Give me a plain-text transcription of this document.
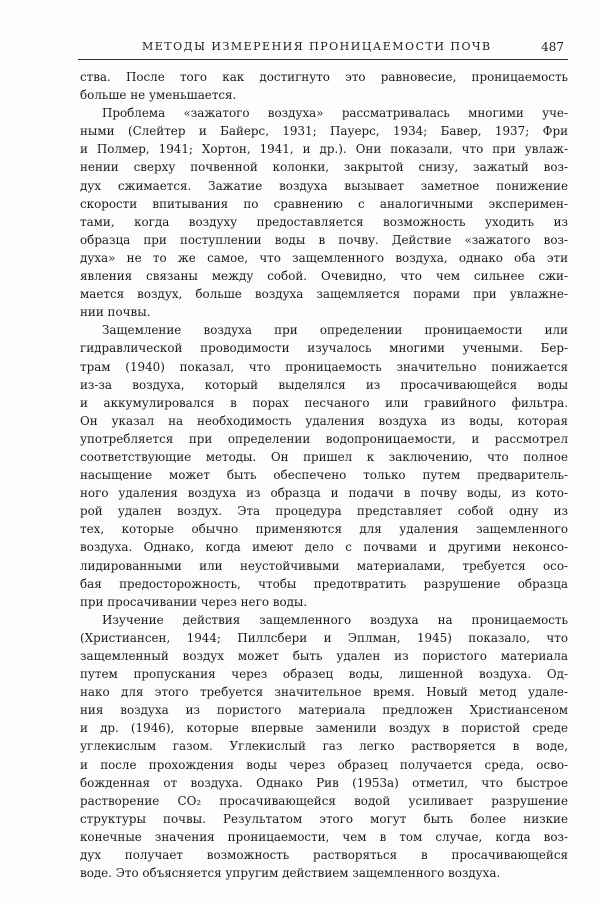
МЕТОДЫ ИЗМЕРЕНИЯ ПРОНИЦАЕМОСТИ ПОЧВ	487
ства. После того как достигнуто это равновесие, проницаемость
больше не уменьшается.
Проблема «зажатого воздуха» рассматривалась многими уче-
ными (Слейтер и Байерс, 1931; Пауерс, 1934; Бавер, 1937; Фри
и Полмер, 1941; Хортон, 1941, и др.). Они показали, что при увлаж-
нении сверху почвенной колонки, закрытой снизу, зажатый воз-
дух сжимается. Зажатие воздуха вызывает заметное понижение
скорости впитывания по сравнению с аналогичными эксперимен-
тами, когда воздуху предоставляется возможность уходить из
образца при поступлении воды в почву. Действие «зажатого воз-
духа» не то же самое, что защемленного воздуха, однако оба эти
явления связаны между собой. Очевидно, что чем сильнее сжи-
мается воздух, больше воздуха защемляется порами при увлажне-
нии почвы.
Защемление воздуха при определении проницаемости или
гидравлической проводимости изучалось многими учеными. Бер-
трам (1940) показал, что проницаемость значительно понижается
из-за воздуха, который выделялся из просачивающейся воды
и аккумулировался в порах песчаного или гравийного фильтра.
Он указал на необходимость удаления воздуха из воды, которая
употребляется при определении водопроницаемости, и рассмотрел
соответствующие методы. Он пришел к заключению, что полное
насыщение может быть обеспечено только путем предваритель-
ного удаления воздуха из образца и подачи в почву воды, из кото-
рой удален воздух. Эта процедура представляет собой одну из
тех, которые обычно применяются для удаления защемленного
воздуха. Однако, когда имеют дело с почвами и другими неконсо-
лидированными или неустойчивыми материалами, требуется осо-
бая предосторожность, чтобы предотвратить разрушение образца
при просачивании через него воды.
Изучение действия защемленного воздуха на проницаемость
(Христиансен, 1944; Пиллсбери и Эплман, 1945) показало, что
защемленный воздух может быть удален из пористого материала
путем пропускания через образец воды, лишенной воздуха. Од-
нако для этого требуется значительное время. Новый метод удале-
ния воздуха из пористого материала предложен Христиансеном
и др. (1946), которые впервые заменили воздух в пористой среде
углекислым газом. Углекислый газ легко растворяется в воде,
и после прохождения воды через образец получается среда, осво-
божденная от воздуха. Однако Рив (1953а) отметил, что быстрое
растворение CO₂ просачивающейся водой усиливает разрушение
структуры почвы. Результатом этого могут быть более низкие
конечные значения проницаемости, чем в том случае, когда воз-
дух получает возможность растворяться в просачивающейся
воде. Это объясняется упругим действием защемленного воздуха.
